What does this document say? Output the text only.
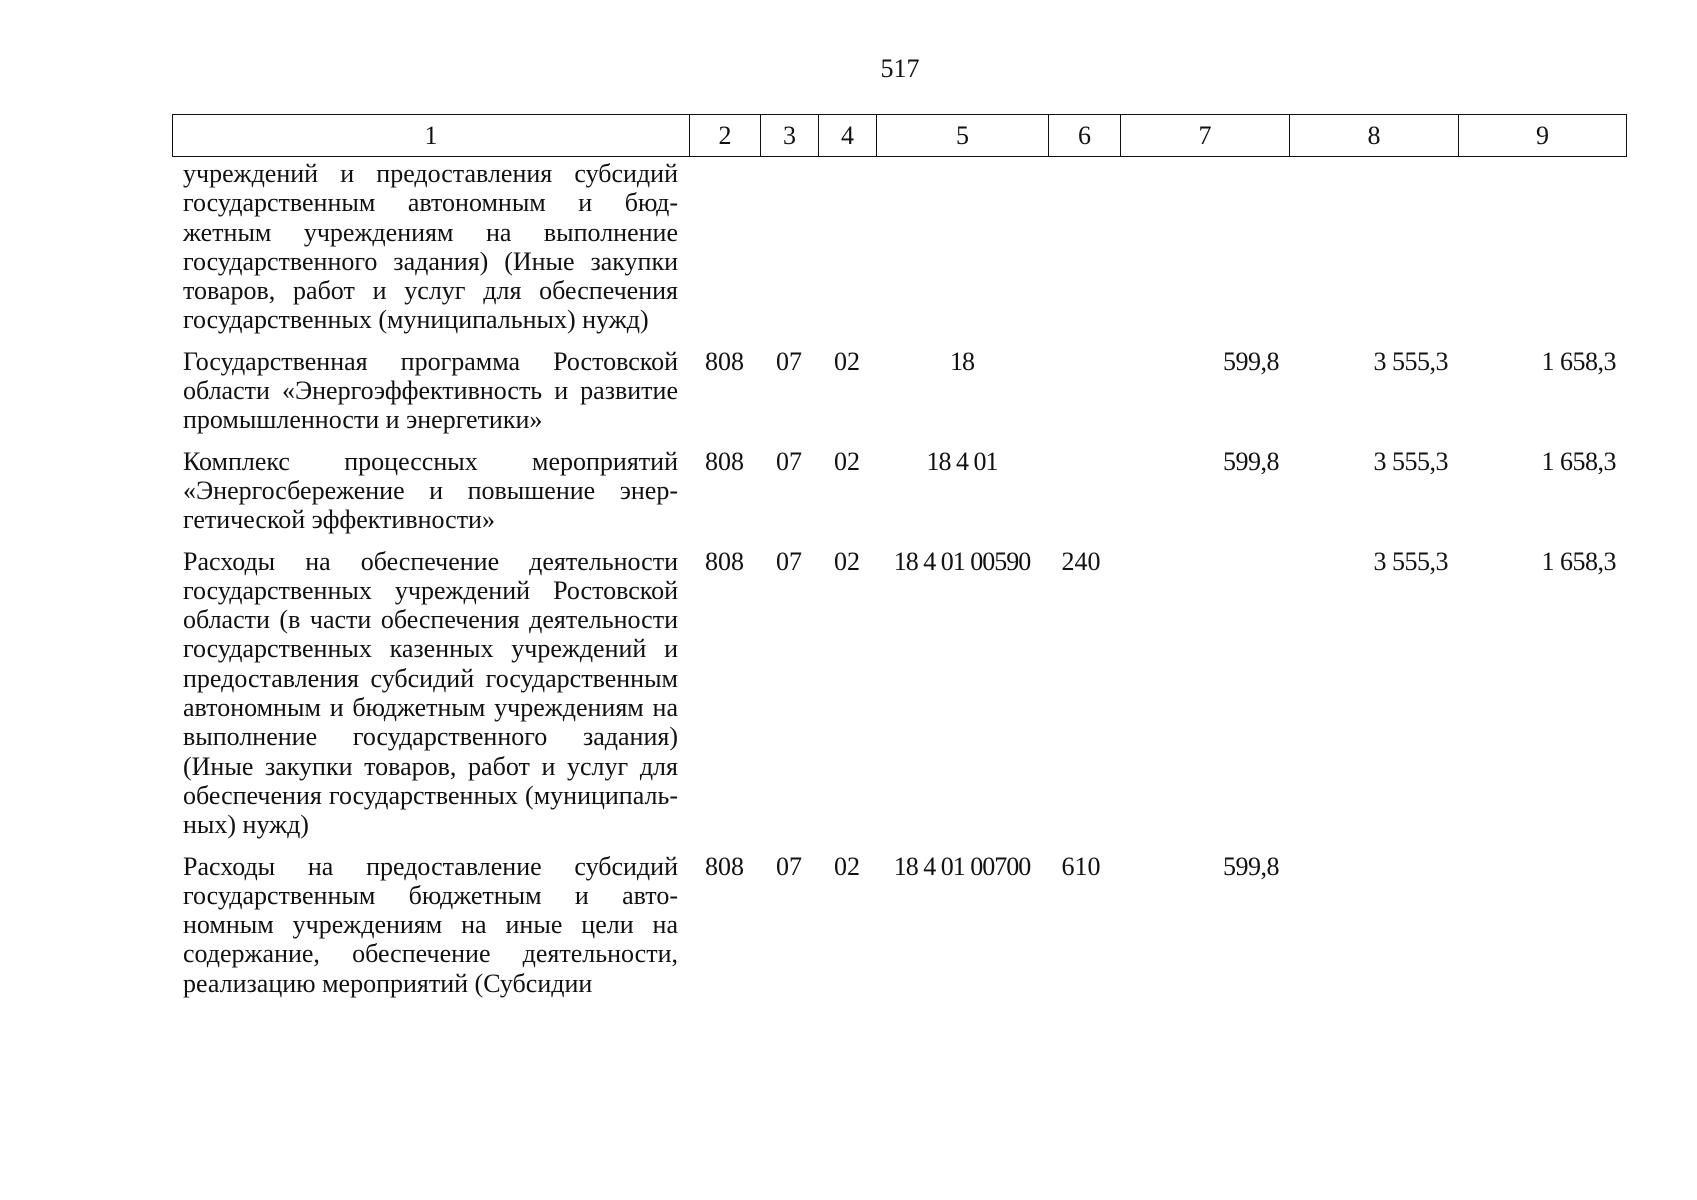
517
1	2	3	4	5	6	7	8	9
учреждений и предоставления субсидий государственным автономным и бюджетным учреждениям на выполнение государственного задания) (Иные закупки товаров, работ и услуг для обеспечения государственных (муниципальных) нужд)								
Государственная программа Ростовской области «Энергоэффективность и развитие промышленности и энергетики»	808	07	02	18		599,8	3 555,3	1 658,3
Комплекс процессных мероприятий «Энергосбережение и повышение энергетической эффективности»	808	07	02	18 4 01		599,8	3 555,3	1 658,3
Расходы на обеспечение деятельности государственных учреждений Ростовской области (в части обеспечения деятельности государственных казенных учреждений и предоставления субсидий государственным автономным и бюджетным учреждениям на выполнение государственного задания) (Иные закупки товаров, работ и услуг для обеспечения государственных (муниципальных) нужд)	808	07	02	18 4 01 00590	240		3 555,3	1 658,3
Расходы на предоставление субсидий государственным бюджетным и автономным учреждениям на иные цели на содержание, обеспечение деятельности, реализацию мероприятий (Субсидии	808	07	02	18 4 01 00700	610	599,8		
